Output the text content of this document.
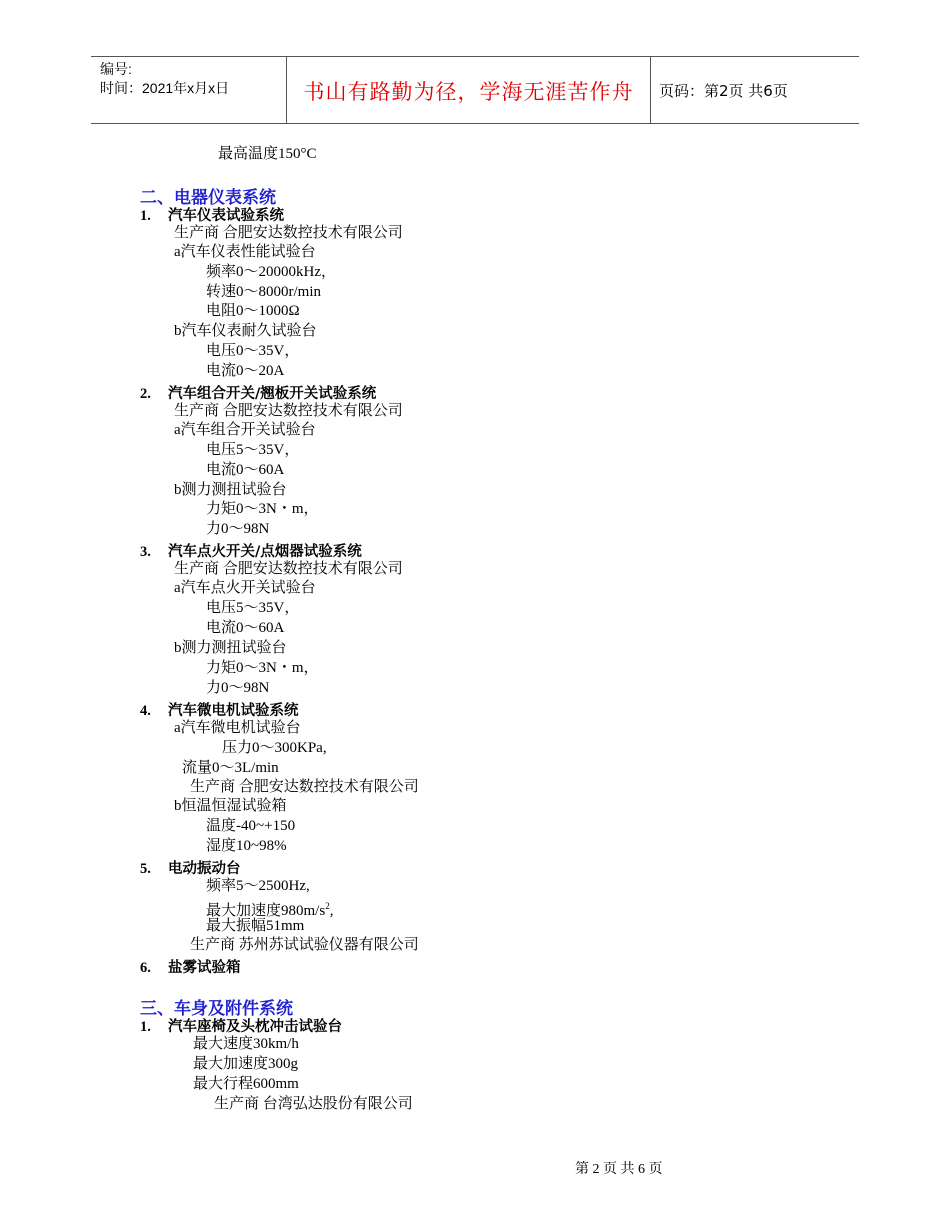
编号:
时间：2021年x月x日	书山有路勤为径，学海无涯苦作舟	页码：第2页 共6页
最高温度150°C
二、电器仪表系统
1. 汽车仪表试验系统
生产商 合肥安达数控技术有限公司
a汽车仪表性能试验台
频率0～20000kHz，
转速0～8000r/min
电阻0～1000Ω
b汽车仪表耐久试验台
电压0～35V，
电流0～20A
2. 汽车组合开关/翘板开关试验系统
生产商 合肥安达数控技术有限公司
a汽车组合开关试验台
电压5～35V，
电流0～60A
b测力测扭试验台
力矩0～3N・m，
力0～98N
3. 汽车点火开关/点烟器试验系统
生产商 合肥安达数控技术有限公司
a汽车点火开关试验台
电压5～35V，
电流0～60A
b测力测扭试验台
力矩0～3N・m，
力0～98N
4. 汽车微电机试验系统
a汽车微电机试验台
压力0～300KPa,
流量0～3L/min
生产商 合肥安达数控技术有限公司
b恒温恒湿试验箱
温度-40~+150
湿度10~98%
5. 电动振动台
频率5～2500Hz,
最大加速度$980m/s^2$,
最大振幅51mm
生产商 苏州苏试试验仪器有限公司
6. 盐雾试验箱
三、车身及附件系统
1. 汽车座椅及头枕冲击试验台
最大速度30km/h
最大加速度300g
最大行程600mm
生产商 台湾弘达股份有限公司
第 2 页 共 6 页
